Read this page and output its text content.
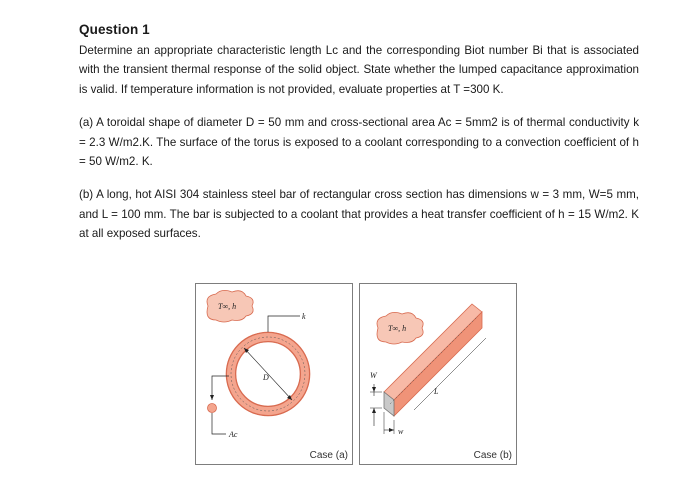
Question 1

Determine an appropriate characteristic length Lᴄ and the corresponding Biot number Bi that is associated with the transient thermal response of the solid object. State whether the lumped capacitance approximation is valid. If temperature information is not provided, evaluate properties at T =300 K.

(a) A toroidal shape of diameter D = 50 mm and cross-sectional area Ac = 5mm2 is of thermal conductivity k = 2.3 W/m2.K. The surface of the torus is exposed to a coolant corresponding to a convection coefficient of h = 50 W/m2. K.

(b) A long, hot AISI 304 stainless steel bar of rectangular cross section has dimensions w = 3 mm, W=5 mm, and L = 100 mm. The bar is subjected to a coolant that provides a heat transfer coefficient of h = 15 W/m2. K at all exposed surfaces.

T∞, h
k
D
Ac
Case (a)
T∞, h
W
L
w
Case (b)
